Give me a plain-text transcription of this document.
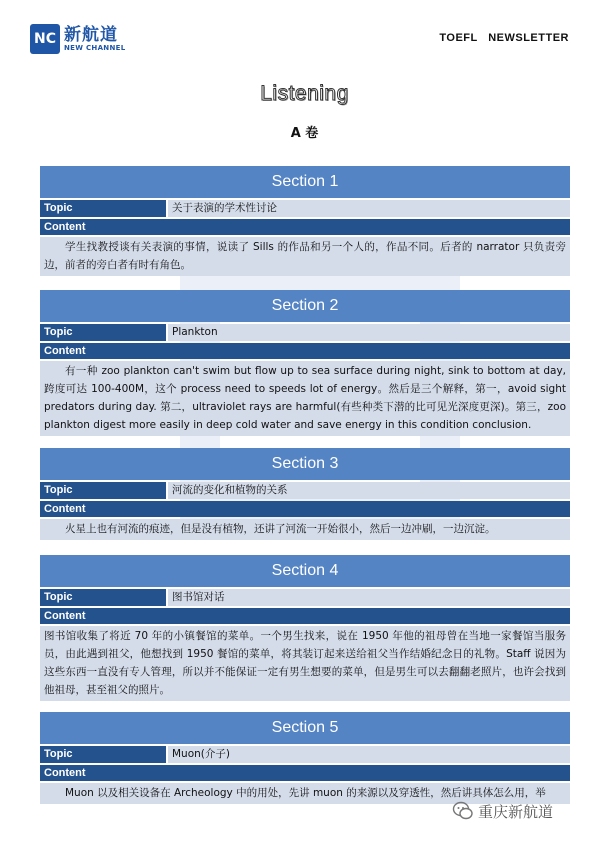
NC 新航道
NEW CHANNEL
TOEFL   NEWSLETTER
Listening
A 卷
Section 1
Topic	关于表演的学术性讨论
Content
学生找教授谈有关表演的事情，说读了 Sills 的作品和另一个人的，作品不同。后者的 narrator 只负责旁边，前者的旁白者有时有角色。
Section 2
Topic	Plankton
Content
有一种 zoo plankton can't swim but flow up to sea surface during night, sink to bottom at day,跨度可达 100-400M，这个 process need to speeds lot of energy。然后是三个解释，第一，avoid sight predators during day. 第二，ultraviolet rays are harmful(有些种类下潜的比可见光深度更深)。第三，zoo plankton digest more easily in deep cold water and save energy in this condition conclusion.
Section 3
Topic	河流的变化和植物的关系
Content
火星上也有河流的痕迹，但是没有植物，还讲了河流一开始很小，然后一边冲刷，一边沉淀。
Section 4
Topic	图书馆对话
Content
图书馆收集了将近 70 年的小镇餐馆的菜单。一个男生找来，说在 1950 年他的祖母曾在当地一家餐馆当服务员，由此遇到祖父，他想找到 1950 餐馆的菜单，将其装订起来送给祖父当作结婚纪念日的礼物。Staff 说因为这些东西一直没有专人管理，所以并不能保证一定有男生想要的菜单，但是男生可以去翻翻老照片，也许会找到他祖母，甚至祖父的照片。
Section 5
Topic	Muon(介子)
Content
Muon 以及相关设备在 Archeology 中的用处，先讲 muon 的来源以及穿透性，然后讲具体怎么用，举
重庆新航道
